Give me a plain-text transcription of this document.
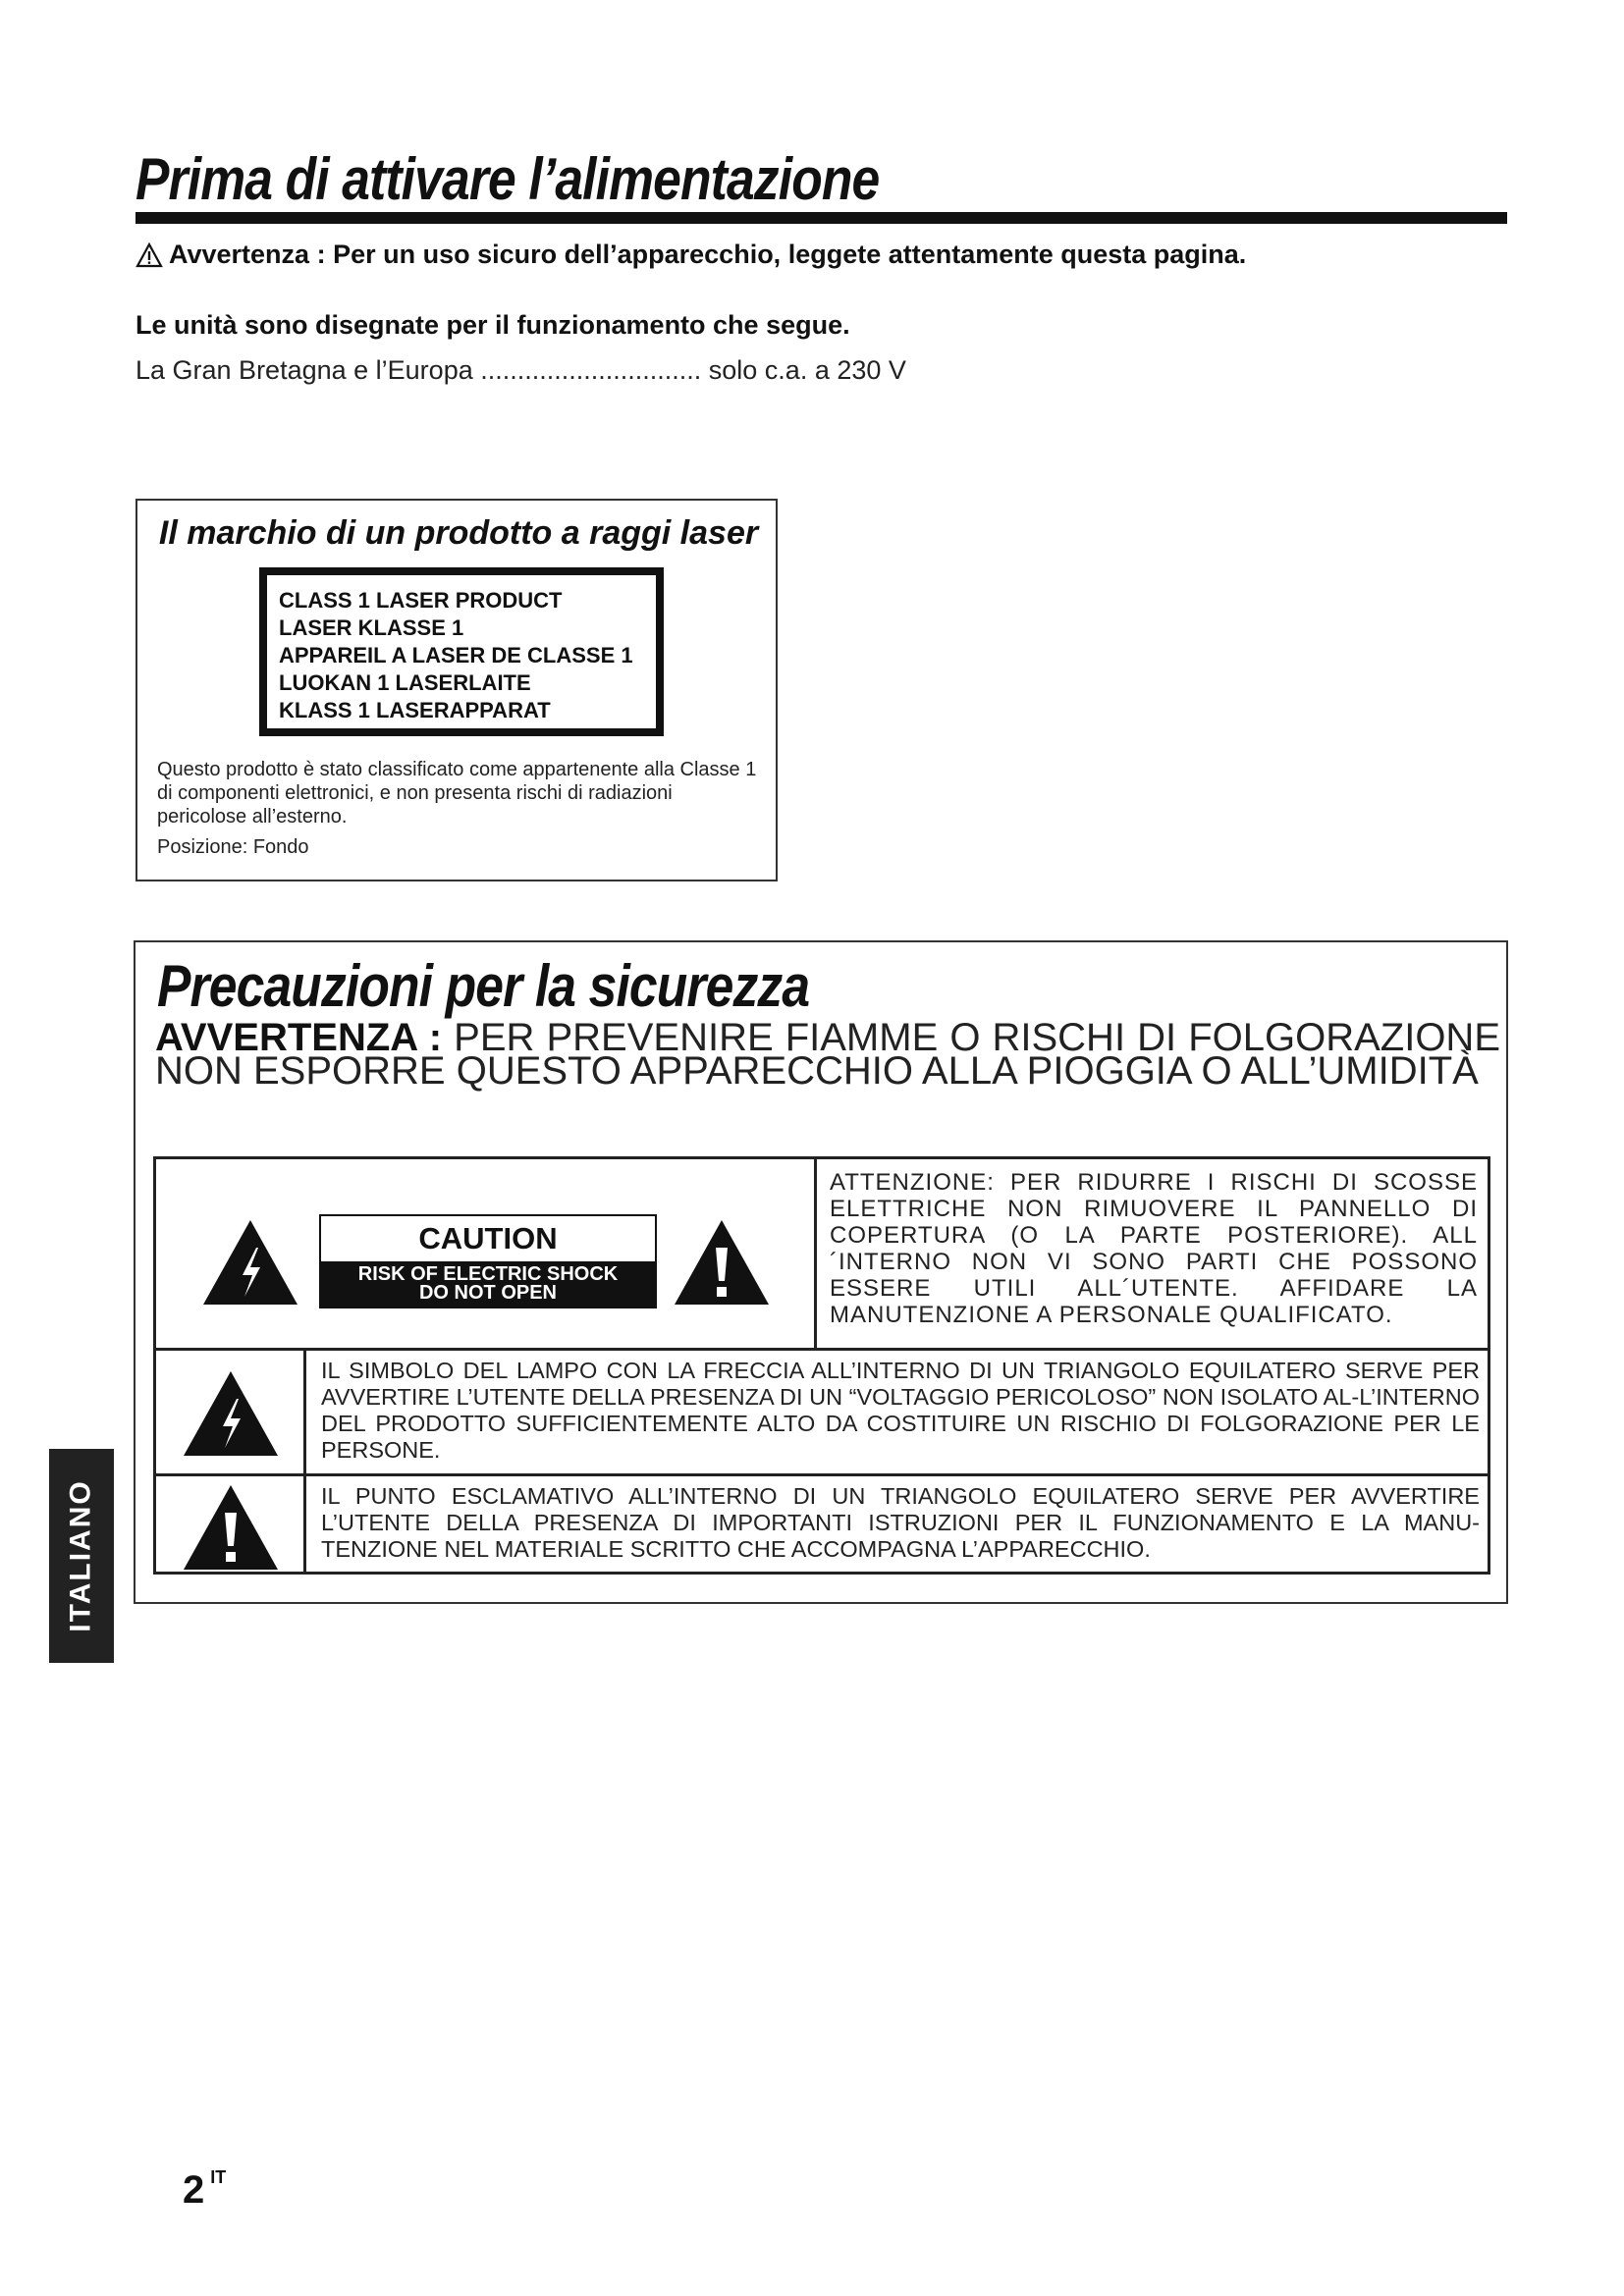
Prima di attivare l’alimentazione
Avvertenza : Per un uso sicuro dell’apparecchio, leggete attentamente questa pagina.
Le unità sono disegnate per il funzionamento che segue.
La Gran Bretagna e l’Europa .............................. solo c.a. a 230 V
Il marchio di un prodotto a raggi laser
CLASS 1 LASER PRODUCT
LASER KLASSE 1
APPAREIL A LASER DE CLASSE 1
LUOKAN 1 LASERLAITE
KLASS 1 LASERAPPARAT
Questo prodotto è stato classificato come appartenente alla Classe 1 di componenti elettronici, e non presenta rischi di radiazioni pericolose all’esterno.
Posizione: Fondo
Precauzioni per la sicurezza
AVVERTENZA : PER PREVENIRE FIAMME O RISCHI DI FOLGORAZIONE NON ESPORRE QUESTO APPARECCHIO ALLA PIOGGIA O ALL’UMIDITÀ
CAUTION
RISK OF ELECTRIC SHOCK
DO NOT OPEN
ATTENZIONE: PER RIDURRE I RISCHI DI SCOSSE ELETTRICHE NON RIMUOVERE IL PANNELLO DI COPERTURA (O LA PARTE POSTERIORE). ALL´INTERNO NON VI SONO PARTI CHE POSSONO ESSERE UTILI ALL´UTENTE. AFFIDARE LA MANUTENZIONE A PERSONALE QUALIFICATO.
IL SIMBOLO DEL LAMPO CON LA FRECCIA ALL’INTERNO DI UN TRIANGOLO EQUILATERO SERVE PER AVVERTIRE L’UTENTE DELLA PRESENZA DI UN “VOLTAGGIO PERICOLOSO” NON ISOLATO AL-L’INTERNO DEL PRODOTTO SUFFICIENTEMENTE ALTO DA COSTITUIRE UN RISCHIO DI FOLGORAZIONE PER LE PERSONE.
IL PUNTO ESCLAMATIVO ALL’INTERNO DI UN TRIANGOLO EQUILATERO SERVE PER AVVERTIRE L’UTENTE DELLA PRESENZA DI IMPORTANTI ISTRUZIONI PER IL FUNZIONAMENTO E LA MANU-TENZIONE NEL MATERIALE SCRITTO CHE ACCOMPAGNA L’APPARECCHIO.
ITALIANO
2 $^{IT}$
